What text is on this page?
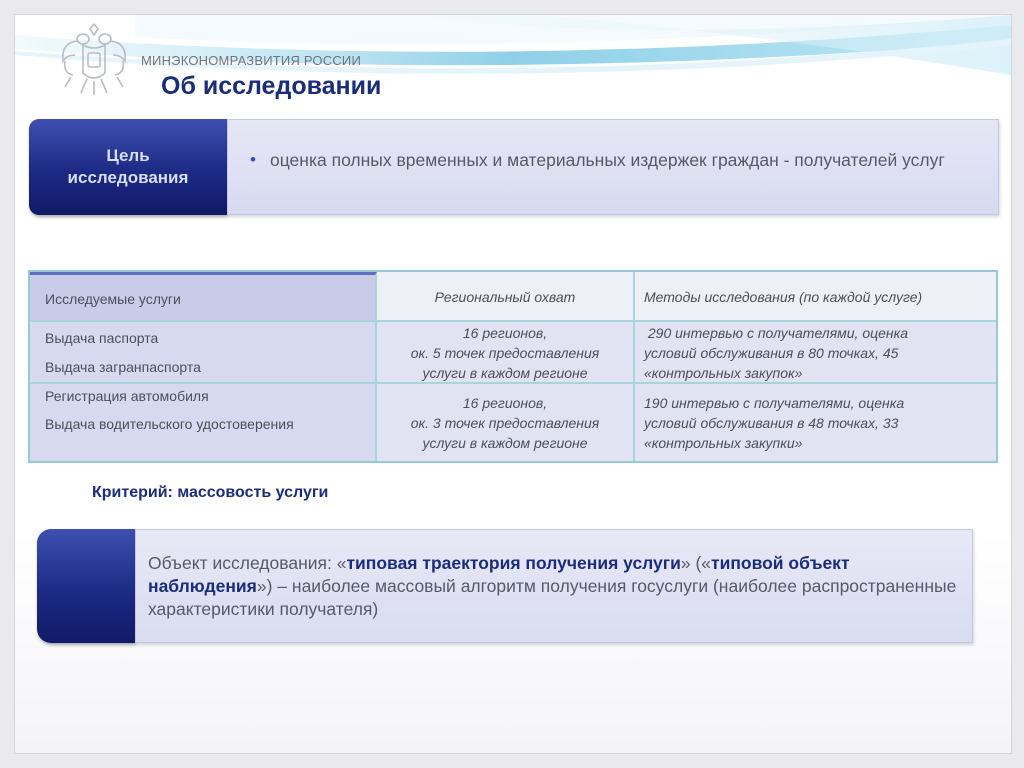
МИНЭКОНОМРАЗВИТИЯ РОССИИ
Об исследовании
Цель
исследования
• оценка полных временных и материальных издержек граждан - получателей услуг
Исследуемые услуги	Региональный охват	Методы исследования (по каждой услуге)
Выдача паспорта
Выдача загранпаспорта
16 регионов,
ок. 5 точек предоставления
услуги в каждом регионе
290 интервью с получателями, оценка
условий обслуживания в 80 точках, 45
«контрольных закупок»
Регистрация автомобиля
Выдача водительского удостоверения
16 регионов,
ок. 3 точек предоставления
услуги в каждом регионе
190 интервью с получателями, оценка
условий обслуживания в 48 точках, 33
«контрольных закупки»
Критерий: массовость услуги
Объект исследования: «типовая траектория получения услуги» («типовой объект наблюдения») – наиболее массовый алгоритм получения госуслуги (наиболее распространенные характеристики получателя)
